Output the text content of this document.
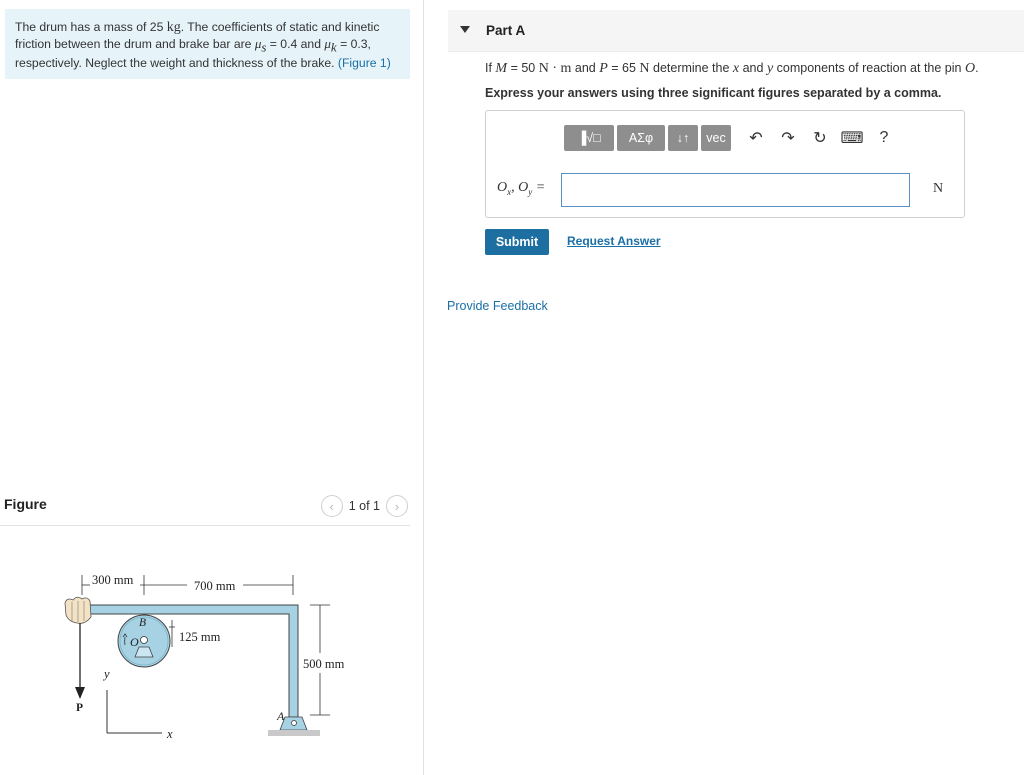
The drum has a mass of 25 kg. The coefficients of static and kinetic friction between the drum and brake bar are $\mu_s = 0.4$ and $\mu_k = 0.3$, respectively. Neglect the weight and thickness of the brake. (Figure 1)
Figure	‹ 1 of 1 ›
300 mm	700 mm
125 mm
500 mm
B
O
A
P
y
x
Part A
If M = 50 N · m and P = 65 N determine the x and y components of reaction at the pin O.
Express your answers using three significant figures separated by a comma.
▐√□ ΑΣφ ↓↑ vec ↶ ↷ ↻ ⌨ ?
$O_x$, $O_y$ =	N
Submit	Request Answer
Provide Feedback
